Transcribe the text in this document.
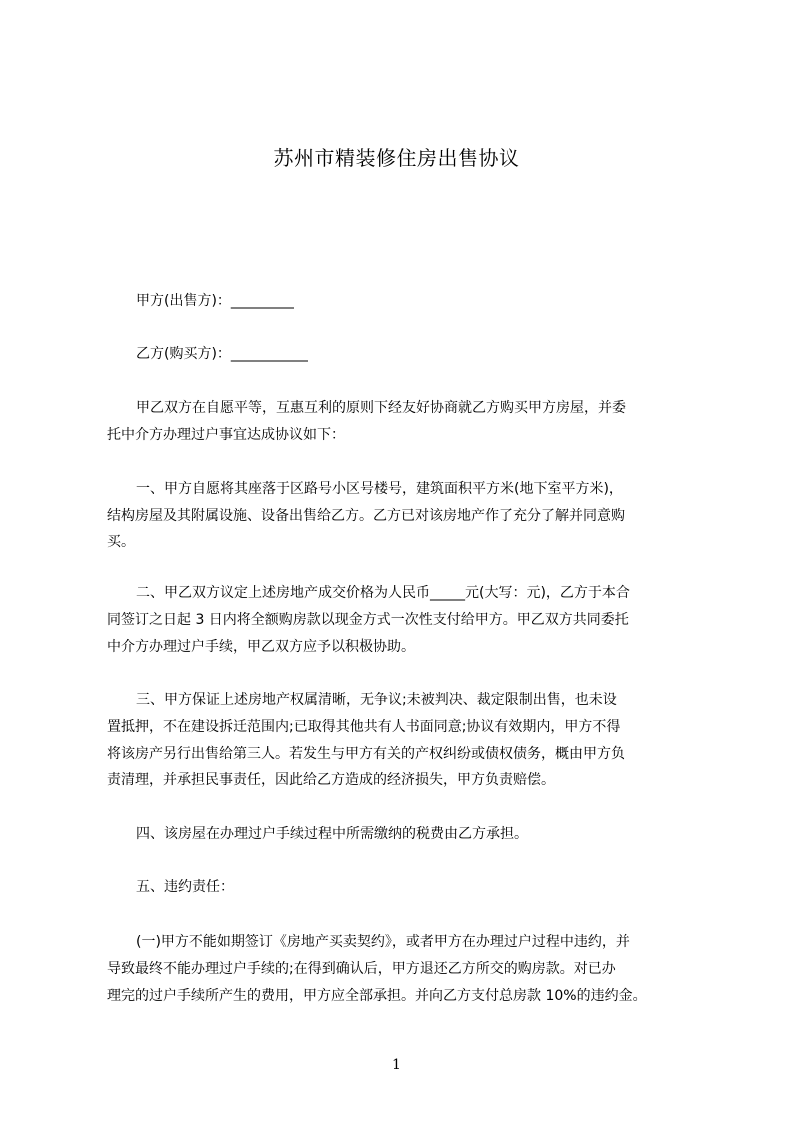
苏州市精装修住房出售协议
甲方(出售方)：_________
乙方(购买方)：___________
甲乙双方在自愿平等，互惠互利的原则下经友好协商就乙方购买甲方房屋，并委
托中介方办理过户事宜达成协议如下：
一、甲方自愿将其座落于区路号小区号楼号，建筑面积平方米(地下室平方米)，
结构房屋及其附属设施、设备出售给乙方。乙方已对该房地产作了充分了解并同意购
买。
二、甲乙双方议定上述房地产成交价格为人民币_____元(大写：元)，乙方于本合
同签订之日起 3 日内将全额购房款以现金方式一次性支付给甲方。甲乙双方共同委托
中介方办理过户手续，甲乙双方应予以积极协助。
三、甲方保证上述房地产权属清晰，无争议;未被判决、裁定限制出售，也未设
置抵押，不在建设拆迁范围内;已取得其他共有人书面同意;协议有效期内，甲方不得
将该房产另行出售给第三人。若发生与甲方有关的产权纠纷或债权债务，概由甲方负
责清理，并承担民事责任，因此给乙方造成的经济损失，甲方负责赔偿。
四、该房屋在办理过户手续过程中所需缴纳的税费由乙方承担。
五、违约责任：
(一)甲方不能如期签订《房地产买卖契约》，或者甲方在办理过户过程中违约，并
导致最终不能办理过户手续的;在得到确认后，甲方退还乙方所交的购房款。对已办
理完的过户手续所产生的费用，甲方应全部承担。并向乙方支付总房款 10%的违约金。
1
